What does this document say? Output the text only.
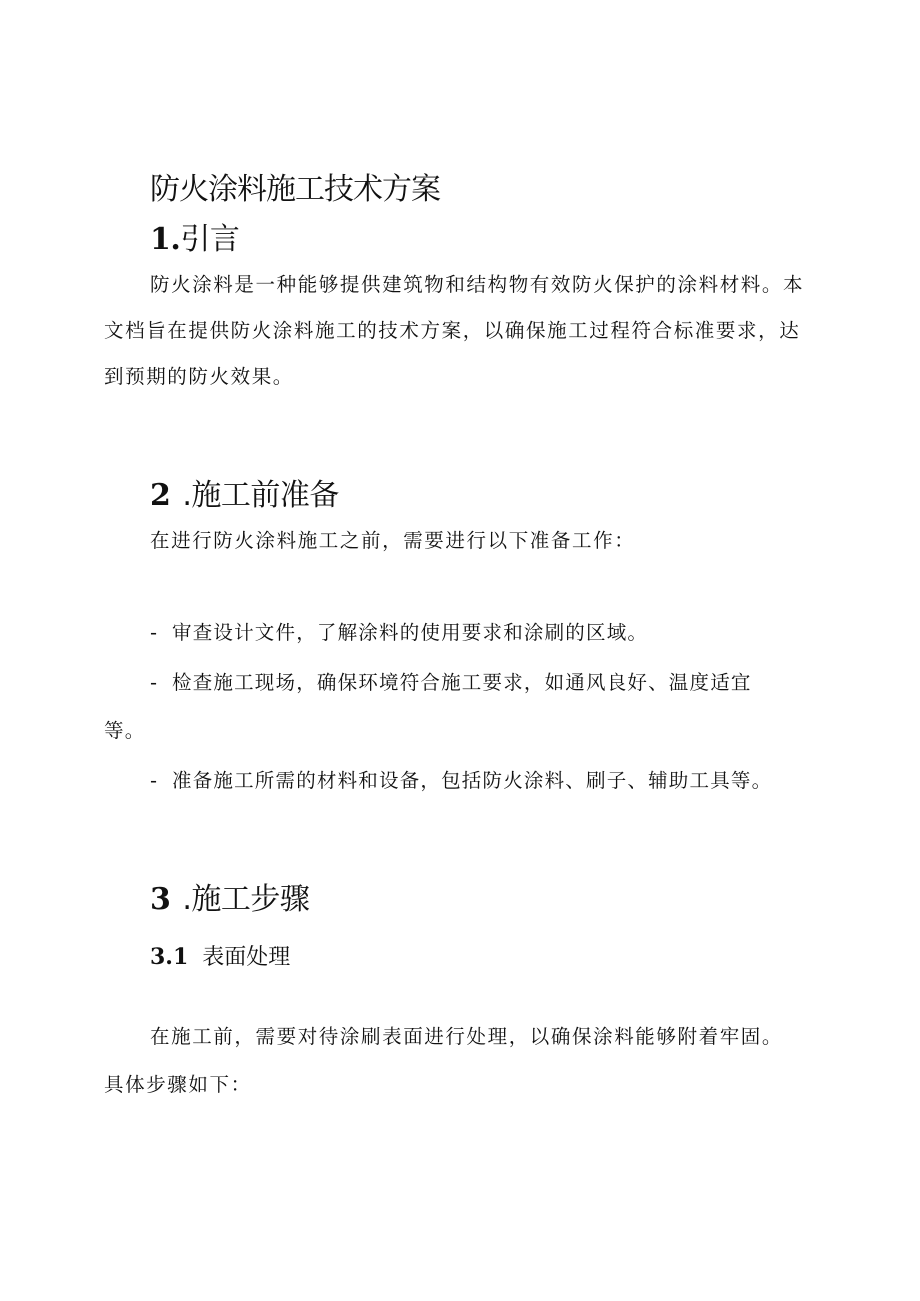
防火涂料施工技术方案
1.引言
防火涂料是一种能够提供建筑物和结构物有效防火保护的涂料材料。本
文档旨在提供防火涂料施工的技术方案，以确保施工过程符合标准要求，达
到预期的防火效果。
2 .施工前准备
在进行防火涂料施工之前，需要进行以下准备工作：
- 审查设计文件，了解涂料的使用要求和涂刷的区域。
- 检查施工现场，确保环境符合施工要求，如通风良好、温度适宜
等。
- 准备施工所需的材料和设备，包括防火涂料、刷子、辅助工具等。
3 .施工步骤
3.1 表面处理
在施工前，需要对待涂刷表面进行处理，以确保涂料能够附着牢固。
具体步骤如下：
